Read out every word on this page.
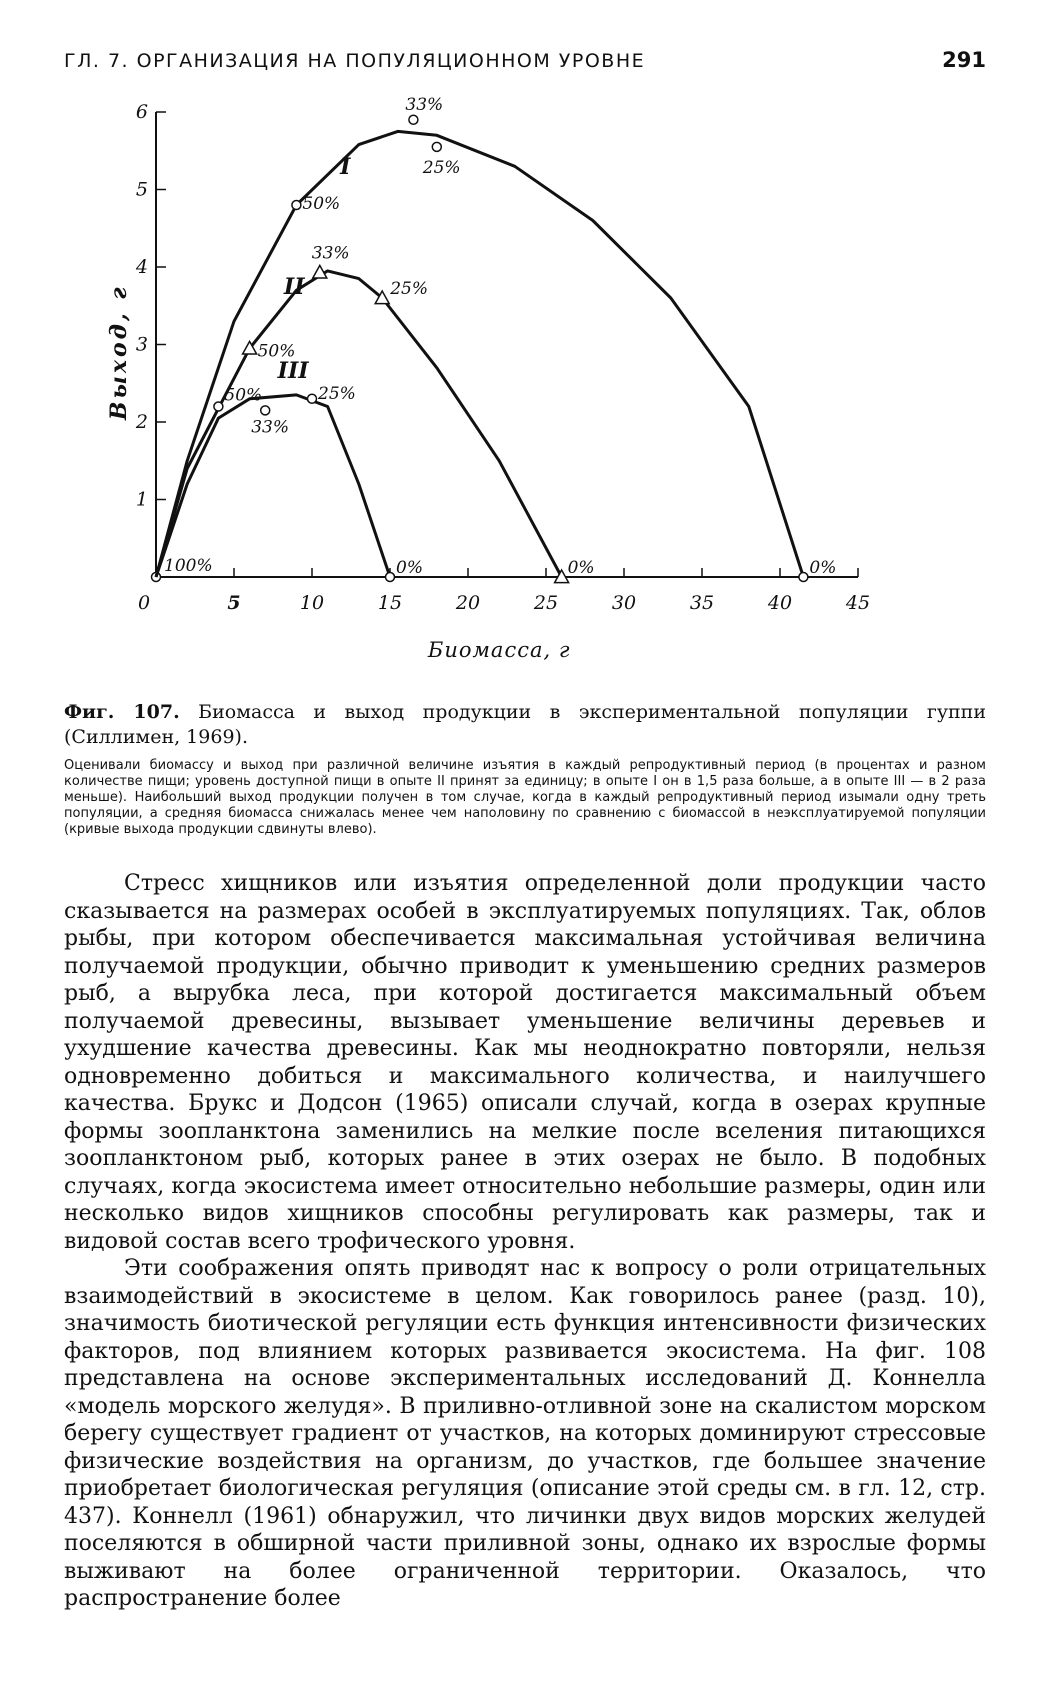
ГЛ. 7. ОРГАНИЗАЦИЯ НА ПОПУЛЯЦИОННОМ УРОВНЕ	291
0	5	10	15	20	25	30	35	40	45
1
2
3
4
5
6
Биомасса, г
Выход, г
I
100%
50%
33%
25%
0%
II
50%
33%
25%
0%
III
50%
33%
25%
0%
Фиг. 107. Биомасса и выход продукции в экспериментальной популяции гуппи (Силлимен, 1969).
Оценивали биомассу и выход при различной величине изъятия в каждый репродуктивный период (в процентах и разном количестве пищи; уровень доступной пищи в опыте II принят за единицу; в опыте I он в 1,5 раза больше, а в опыте III — в 2 раза меньше). Наибольший выход продукции получен в том случае, когда в каждый репродуктивный период изымали одну треть популяции, а средняя биомасса снижалась менее чем наполовину по сравнению с биомассой в неэксплуатируемой популяции (кривые выхода продукции сдвинуты влево).

Стресс хищников или изъятия определенной доли продукции часто сказывается на размерах особей в эксплуатируемых популяциях. Так, облов рыбы, при котором обеспечивается максимальная устойчивая величина получаемой продукции, обычно приводит к уменьшению средних размеров рыб, а вырубка леса, при которой достигается максимальный объем получаемой древесины, вызывает уменьшение величины деревьев и ухудшение качества древесины. Как мы неоднократно повторяли, нельзя одновременно добиться и максимального количества, и наилучшего качества. Брукс и Додсон (1965) описали случай, когда в озерах крупные формы зоопланктона заменились на мелкие после вселения питающихся зоопланктоном рыб, которых ранее в этих озерах не было. В подобных случаях, когда экосистема имеет относительно небольшие размеры, один или несколько видов хищников способны регулировать как размеры, так и видовой состав всего трофического уровня.

Эти соображения опять приводят нас к вопросу о роли отрицательных взаимодействий в экосистеме в целом. Как говорилось ранее (разд. 10), значимость биотической регуляции есть функция интенсивности физических факторов, под влиянием которых развивается экосистема. На фиг. 108 представлена на основе экспериментальных исследований Д. Коннелла «модель морского желудя». В приливно-отливной зоне на скалистом морском берегу существует градиент от участков, на которых доминируют стрессовые физические воздействия на организм, до участков, где большее значение приобретает биологическая регуляция (описание этой среды см. в гл. 12, стр. 437). Коннелл (1961) обнаружил, что личинки двух видов морских желудей поселяются в обширной части приливной зоны, однако их взрослые формы выживают на более ограниченной территории. Оказалось, что распространение более
